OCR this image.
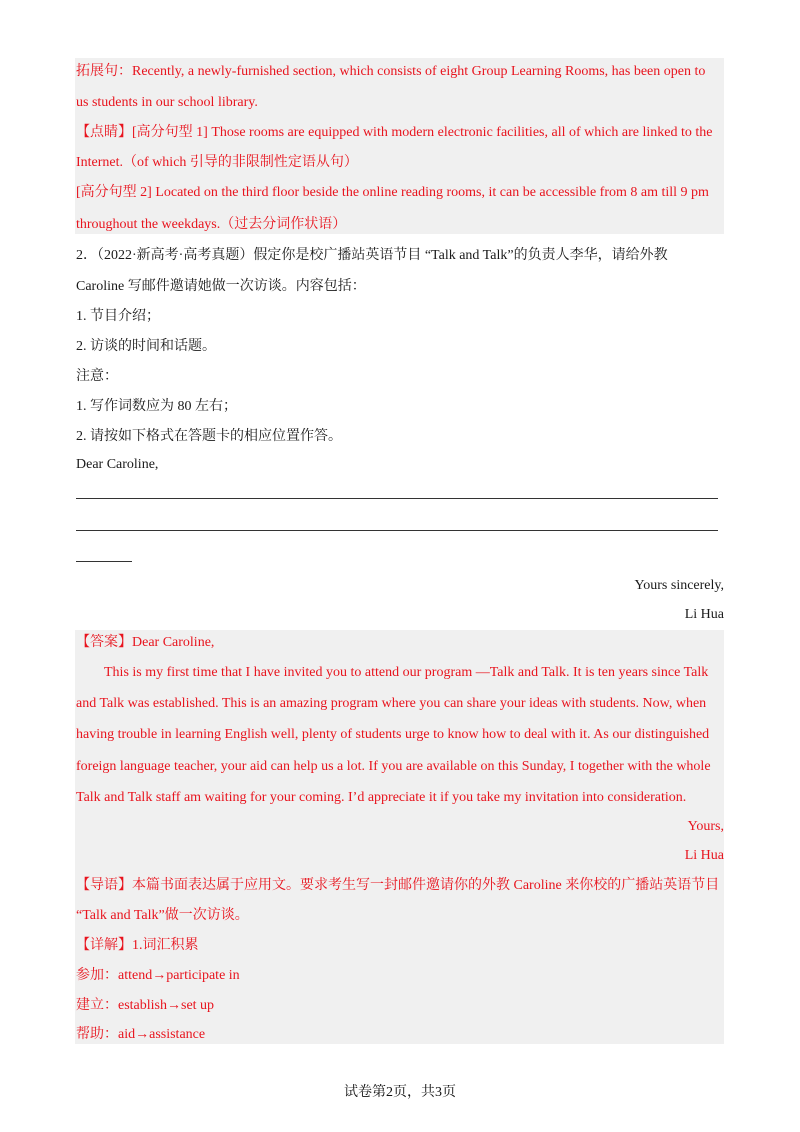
拓展句：Recently, a newly-furnished section, which consists of eight Group Learning Rooms, has been open to
us students in our school library.
【点睛】[高分句型 1] Those rooms are equipped with modern electronic facilities, all of which are linked to the
Internet.（of which 引导的非限制性定语从句）
[高分句型 2] Located on the third floor beside the online reading rooms, it can be accessible from 8 am till 9 pm
throughout the weekdays.（过去分词作状语）
2．（2022·新高考·高考真题）假定你是校广播站英语节目 “Talk and Talk”的负责人李华，请给外教
Caroline 写邮件邀请她做一次访谈。内容包括：
1. 节目介绍；
2. 访谈的时间和话题。
注意：
1. 写作词数应为 80 左右；
2. 请按如下格式在答题卡的相应位置作答。
Dear Caroline,
Yours sincerely,
Li Hua
【答案】Dear Caroline,
This is my first time that I have invited you to attend our program —Talk and Talk. It is ten years since Talk
and Talk was established. This is an amazing program where you can share your ideas with students. Now, when
having trouble in learning English well, plenty of students urge to know how to deal with it. As our distinguished
foreign language teacher, your aid can help us a lot. If you are available on this Sunday, I together with the whole
Talk and Talk staff am waiting for your coming. I’d appreciate it if you take my invitation into consideration.
Yours,
Li Hua
【导语】本篇书面表达属于应用文。要求考生写一封邮件邀请你的外教 Caroline 来你校的广播站英语节目
“Talk and Talk”做一次访谈。
【详解】1.词汇积累
参加：attend→participate in
建立：establish→set up
帮助：aid→assistance
试卷第2页，共3页
